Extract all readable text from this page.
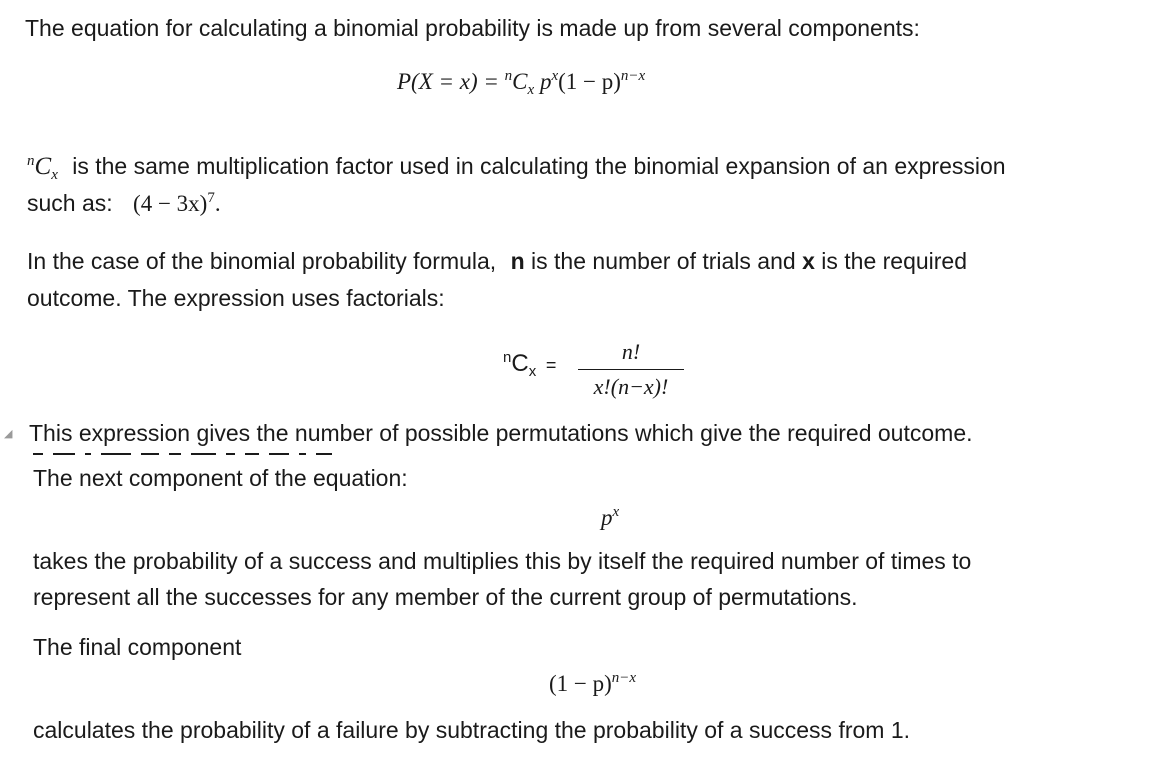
The equation for calculating a binomial probability is made up from several components:
$P(X = x) = ^nC_x$ $p^x(1 - p)^{n-x}$
$^nC_x$ is the same multiplication factor used in calculating the binomial expansion of an expression
such as: $(4 - 3x)^7$.
In the case of the binomial probability formula, n is the number of trials and x is the required
outcome. The expression uses factorials:
$^nC_x$ =
n!
x!(n−x)!
◢ This expression gives the number of possible permutations which give the required outcome.
The next component of the equation:
$p^x$
takes the probability of a success and multiplies this by itself the required number of times to
represent all the successes for any member of the current group of permutations.
The final component
$(1 - p)^{n-x}$
calculates the probability of a failure by subtracting the probability of a success from 1.
